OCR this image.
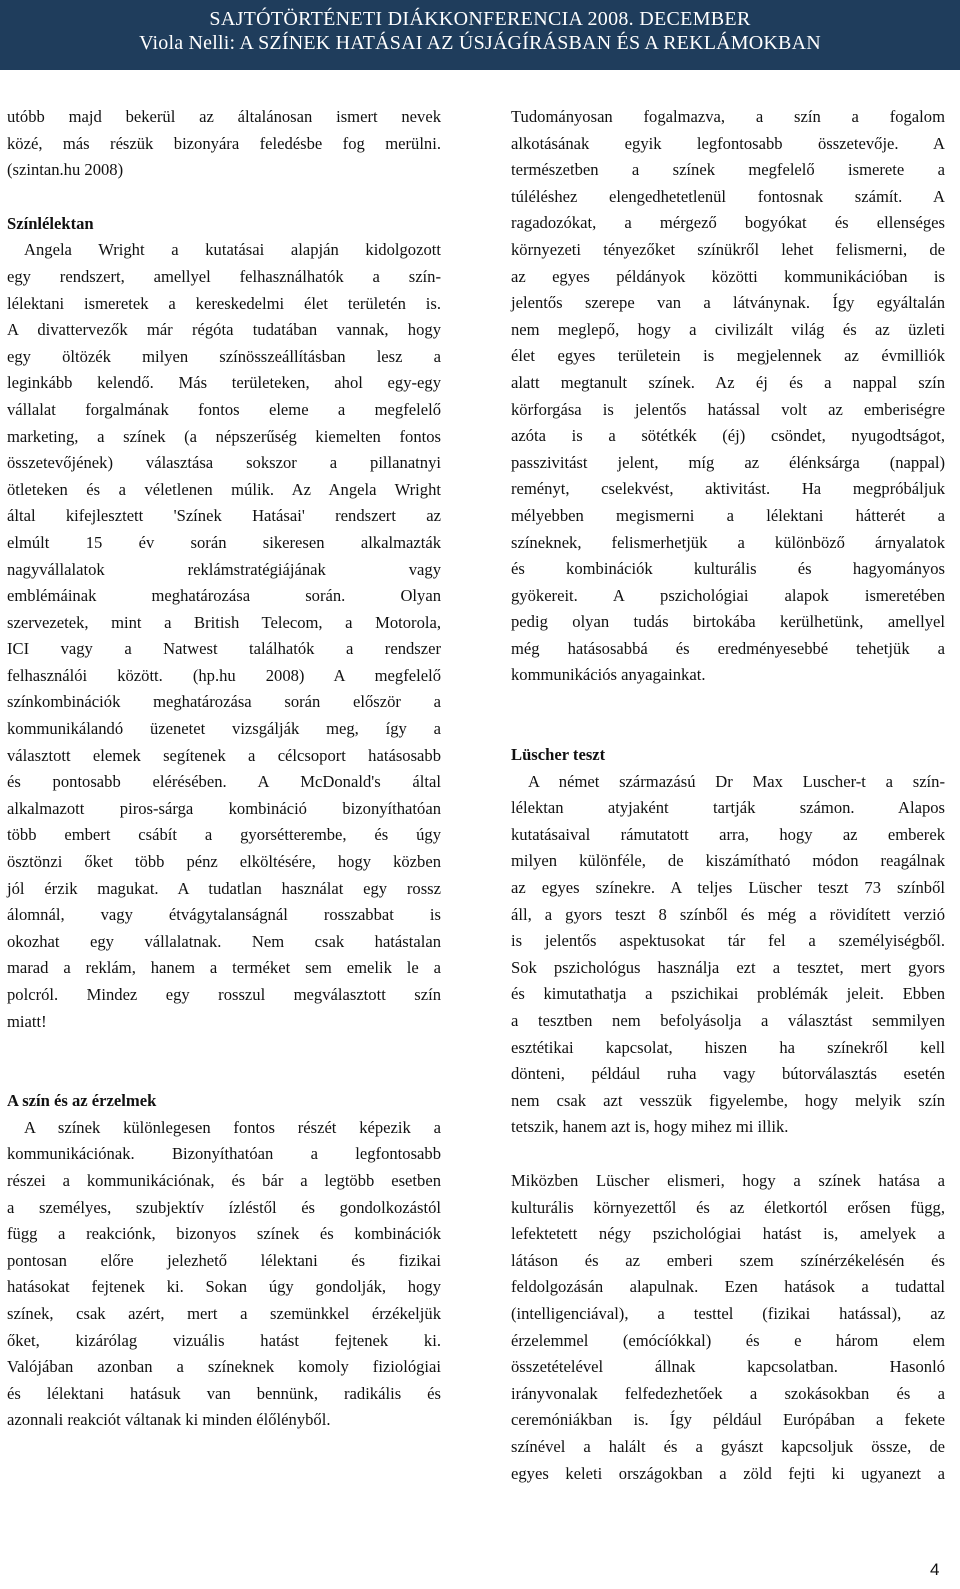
SAJTÓTÖRTÉNETI DIÁKKONFERENCIA 2008. DECEMBER
Viola Nelli: A SZÍNEK HATÁSAI AZ ÚSJÁGÍRÁSBAN ÉS A REKLÁMOKBAN
utóbb majd bekerül az általánosan ismert nevek
közé, más részük bizonyára feledésbe fog merülni.
(szintan.hu 2008)
Színlélektan
Angela Wright a kutatásai alapján kidolgozott
egy rendszert, amellyel felhasználhatók a szín-
lélektani ismeretek a kereskedelmi élet területén is.
A divattervezők már régóta tudatában vannak, hogy
egy öltözék milyen színösszeállításban lesz a
leginkább kelendő. Más területeken, ahol egy-egy
vállalat forgalmának fontos eleme a megfelelő
marketing, a színek (a népszerűség kiemelten fontos
összetevőjének) választása sokszor a pillanatnyi
ötleteken és a véletlenen múlik. Az Angela Wright
által kifejlesztett 'Színek Hatásai' rendszert az
elmúlt 15 év során sikeresen alkalmazták
nagyvállalatok reklámstratégiájának vagy
emblémáinak meghatározása során. Olyan
szervezetek, mint a British Telecom, a Motorola,
ICI vagy a Natwest találhatók a rendszer
felhasználói között. (hp.hu 2008) A megfelelő
színkombinációk meghatározása során először a
kommunikálandó üzenetet vizsgálják meg, így a
választott elemek segítenek a célcsoport hatásosabb
és pontosabb elérésében. A McDonald's által
alkalmazott piros-sárga kombináció bizonyíthatóan
több embert csábít a gyorsétterembe, és úgy
ösztönzi őket több pénz elköltésére, hogy közben
jól érzik magukat. A tudatlan használat egy rossz
álomnál, vagy étvágytalanságnál rosszabbat is
okozhat egy vállalatnak. Nem csak hatástalan
marad a reklám, hanem a terméket sem emelik le a
polcról. Mindez egy rosszul megválasztott szín
miatt!
A szín és az érzelmek
A színek különlegesen fontos részét képezik a
kommunikációnak. Bizonyíthatóan a legfontosabb
részei a kommunikációnak, és bár a legtöbb esetben
a személyes, szubjektív ízléstől és gondolkozástól
függ a reakciónk, bizonyos színek és kombinációk
pontosan előre jelezhető lélektani és fizikai
hatásokat fejtenek ki. Sokan úgy gondolják, hogy
színek, csak azért, mert a szemünkkel érzékeljük
őket, kizárólag vizuális hatást fejtenek ki.
Valójában azonban a színeknek komoly fiziológiai
és lélektani hatásuk van bennünk, radikális és
azonnali reakciót váltanak ki minden élőlényből.
Tudományosan fogalmazva, a szín a fogalom
alkotásának egyik legfontosabb összetevője. A
természetben a színek megfelelő ismerete a
túléléshez elengedhetetlenül fontosnak számít. A
ragadozókat, a mérgező bogyókat és ellenséges
környezeti tényezőket színükről lehet felismerni, de
az egyes példányok közötti kommunikációban is
jelentős szerepe van a látványnak. Így egyáltalán
nem meglepő, hogy a civilizált világ és az üzleti
élet egyes területein is megjelennek az évmilliók
alatt megtanult színek. Az éj és a nappal szín
körforgása is jelentős hatással volt az emberiségre
azóta is a sötétkék (éj) csöndet, nyugodtságot,
passzivitást jelent, míg az élénksárga (nappal)
reményt, cselekvést, aktivitást. Ha megpróbáljuk
mélyebben megismerni a lélektani hátterét a
színeknek, felismerhetjük a különböző árnyalatok
és kombinációk kulturális és hagyományos
gyökereit. A pszichológiai alapok ismeretében
pedig olyan tudás birtokába kerülhetünk, amellyel
még hatásosabbá és eredményesebbé tehetjük a
kommunikációs anyagainkat.
Lüscher teszt
A német származású Dr Max Luscher-t a szín-
lélektan atyjaként tartják számon. Alapos
kutatásaival rámutatott arra, hogy az emberek
milyen különféle, de kiszámítható módon reagálnak
az egyes színekre. A teljes Lüscher teszt 73 színből
áll, a gyors teszt 8 színből és még a rövidített verzió
is jelentős aspektusokat tár fel a személyiségből.
Sok pszichológus használja ezt a tesztet, mert gyors
és kimutathatja a pszichikai problémák jeleit. Ebben
a tesztben nem befolyásolja a választást semmilyen
esztétikai kapcsolat, hiszen ha színekről kell
dönteni, például ruha vagy bútorválasztás esetén
nem csak azt vesszük figyelembe, hogy melyik szín
tetszik, hanem azt is, hogy mihez mi illik.
Miközben Lüscher elismeri, hogy a színek hatása a
kulturális környezettől és az életkortól erősen függ,
lefektetett négy pszichológiai hatást is, amelyek a
látáson és az emberi szem színérzékelésén és
feldolgozásán alapulnak. Ezen hatások a tudattal
(intelligenciával), a testtel (fizikai hatással), az
érzelemmel (emócíókkal) és e három elem
összetételével állnak kapcsolatban. Hasonló
irányvonalak felfedezhetőek a szokásokban és a
ceremóniákban is. Így például Európában a fekete
színével a halált és a gyászt kapcsoljuk össze, de
egyes keleti országokban a zöld fejti ki ugyanezt a
4
